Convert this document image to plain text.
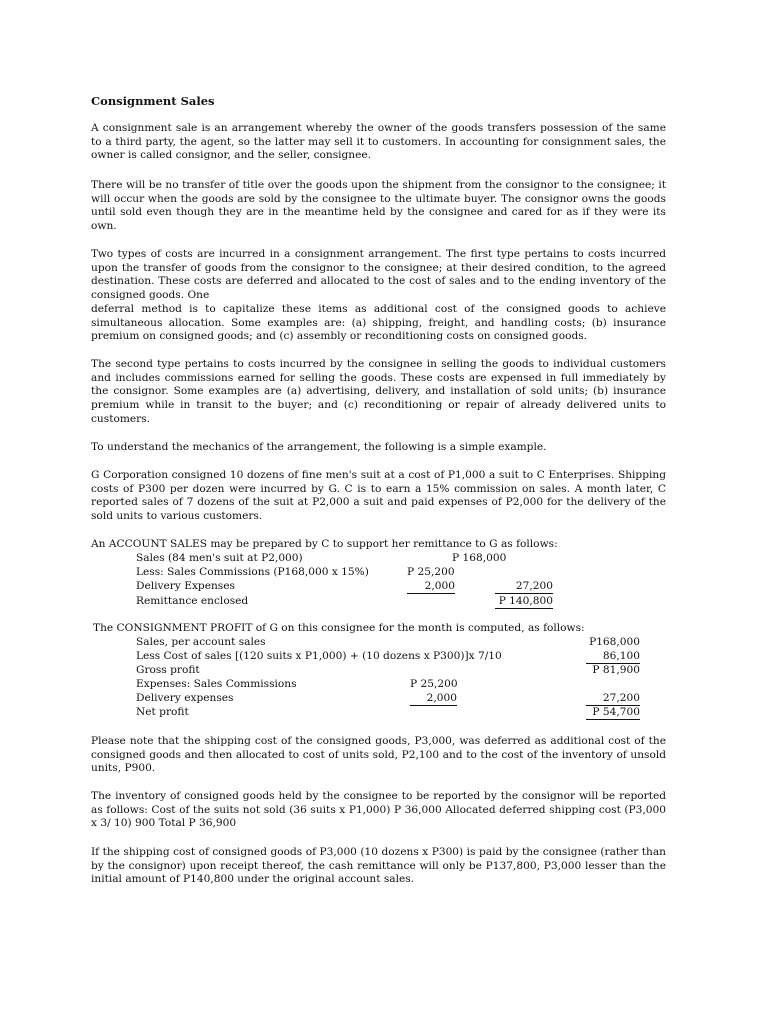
Consignment Sales

A consignment sale is an arrangement whereby the owner of the goods transfers possession of the same to a third party, the agent, so the latter may sell it to customers. In accounting for consignment sales, the owner is called consignor, and the seller, consignee.

There will be no transfer of title over the goods upon the shipment from the consignor to the consignee; it will occur when the goods are sold by the consignee to the ultimate buyer. The consignor owns the goods until sold even though they are in the meantime held by the consignee and cared for as if they were its own.

Two types of costs are incurred in a consignment arrangement. The first type pertains to costs incurred upon the transfer of goods from the consignor to the consignee; at their desired condition, to the agreed destination. These costs are deferred and allocated to the cost of sales and to the ending inventory of the consigned goods. One

deferral method is to capitalize these items as additional cost of the consigned goods to achieve simultaneous allocation. Some examples are: (a) shipping, freight, and handling costs; (b) insurance premium on consigned goods; and (c) assembly or reconditioning costs on consigned goods.

The second type pertains to costs incurred by the consignee in selling the goods to individual customers and includes commissions earned for selling the goods. These costs are expensed in full immediately by the consignor. Some examples are (a) advertising, delivery, and installation of sold units; (b) insurance premium while in transit to the buyer; and (c) reconditioning or repair of already delivered units to customers.

To understand the mechanics of the arrangement, the following is a simple example.

G Corporation consigned 10 dozens of fine men's suit at a cost of P1,000 a suit to C Enterprises. Shipping costs of P300 per dozen were incurred by G. C is to earn a 15% commission on sales. A month later, C reported sales of 7 dozens of the suit at P2,000 a suit and paid expenses of P2,000 for the delivery of the sold units to various customers.

An ACCOUNT SALES may be prepared by C to support her remittance to G as follows:
Sales (84 men's suit at P2,000)	P 168,000
Less: Sales Commissions (P168,000 x 15%)	P 25,200
Delivery Expenses	2,000	27,200
Remittance enclosed	P 140,800
The CONSIGNMENT PROFIT of G on this consignee for the month is computed, as follows:
Sales, per account sales	P168,000
Less Cost of sales [(120 suits x P1,000) + (10 dozens x P300)]x 7/10	86,100
Gross profit	P 81,900
Expenses: Sales Commissions	P 25,200
Delivery expenses	2,000	27,200
Net profit	P 54,700

Please note that the shipping cost of the consigned goods, P3,000, was deferred as additional cost of the consigned goods and then allocated to cost of units sold, P2,100 and to the cost of the inventory of unsold units, P900.

The inventory of consigned goods held by the consignee to be reported by the consignor will be reported as follows: Cost of the suits not sold (36 suits x P1,000) P 36,000 Allocated deferred shipping cost (P3,000 x 3/ 10) 900 Total P 36,900

If the shipping cost of consigned goods of P3,000 (10 dozens x P300) is paid by the consignee (rather than by the consignor) upon receipt thereof, the cash remittance will only be P137,800, P3,000 lesser than the initial amount of P140,800 under the original account sales.
